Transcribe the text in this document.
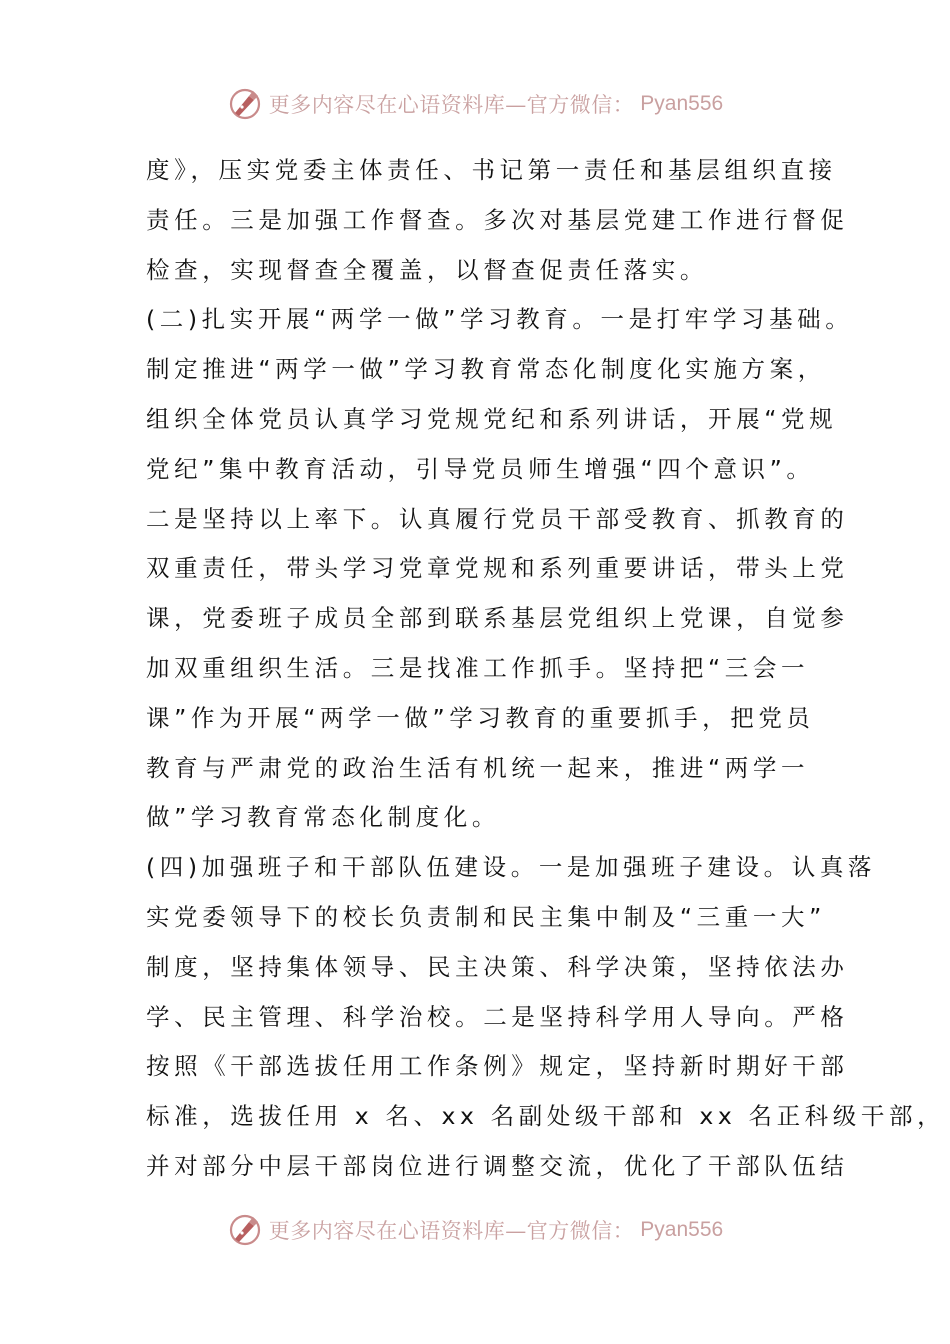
更多内容尽在心语资料库—官方微信： Pyan556
度》，压实党委主体责任、书记第一责任和基层组织直接
责任。三是加强工作督查。多次对基层党建工作进行督促
检查，实现督查全覆盖，以督查促责任落实。
(二)扎实开展“两学一做”学习教育。一是打牢学习基础。
制定推进“两学一做”学习教育常态化制度化实施方案，
组织全体党员认真学习党规党纪和系列讲话，开展“党规
党纪”集中教育活动，引导党员师生增强“四个意识”。
二是坚持以上率下。认真履行党员干部受教育、抓教育的
双重责任，带头学习党章党规和系列重要讲话，带头上党
课，党委班子成员全部到联系基层党组织上党课，自觉参
加双重组织生活。三是找准工作抓手。坚持把“三会一
课”作为开展“两学一做”学习教育的重要抓手，把党员
教育与严肃党的政治生活有机统一起来，推进“两学一
做”学习教育常态化制度化。
(四)加强班子和干部队伍建设。一是加强班子建设。认真落
实党委领导下的校长负责制和民主集中制及“三重一大”
制度，坚持集体领导、民主决策、科学决策，坚持依法办
学、民主管理、科学治校。二是坚持科学用人导向。严格
按照《干部选拔任用工作条例》规定，坚持新时期好干部
标准，选拔任用 x 名、xx 名副处级干部和 xx 名正科级干部，
并对部分中层干部岗位进行调整交流，优化了干部队伍结
更多内容尽在心语资料库—官方微信： Pyan556
